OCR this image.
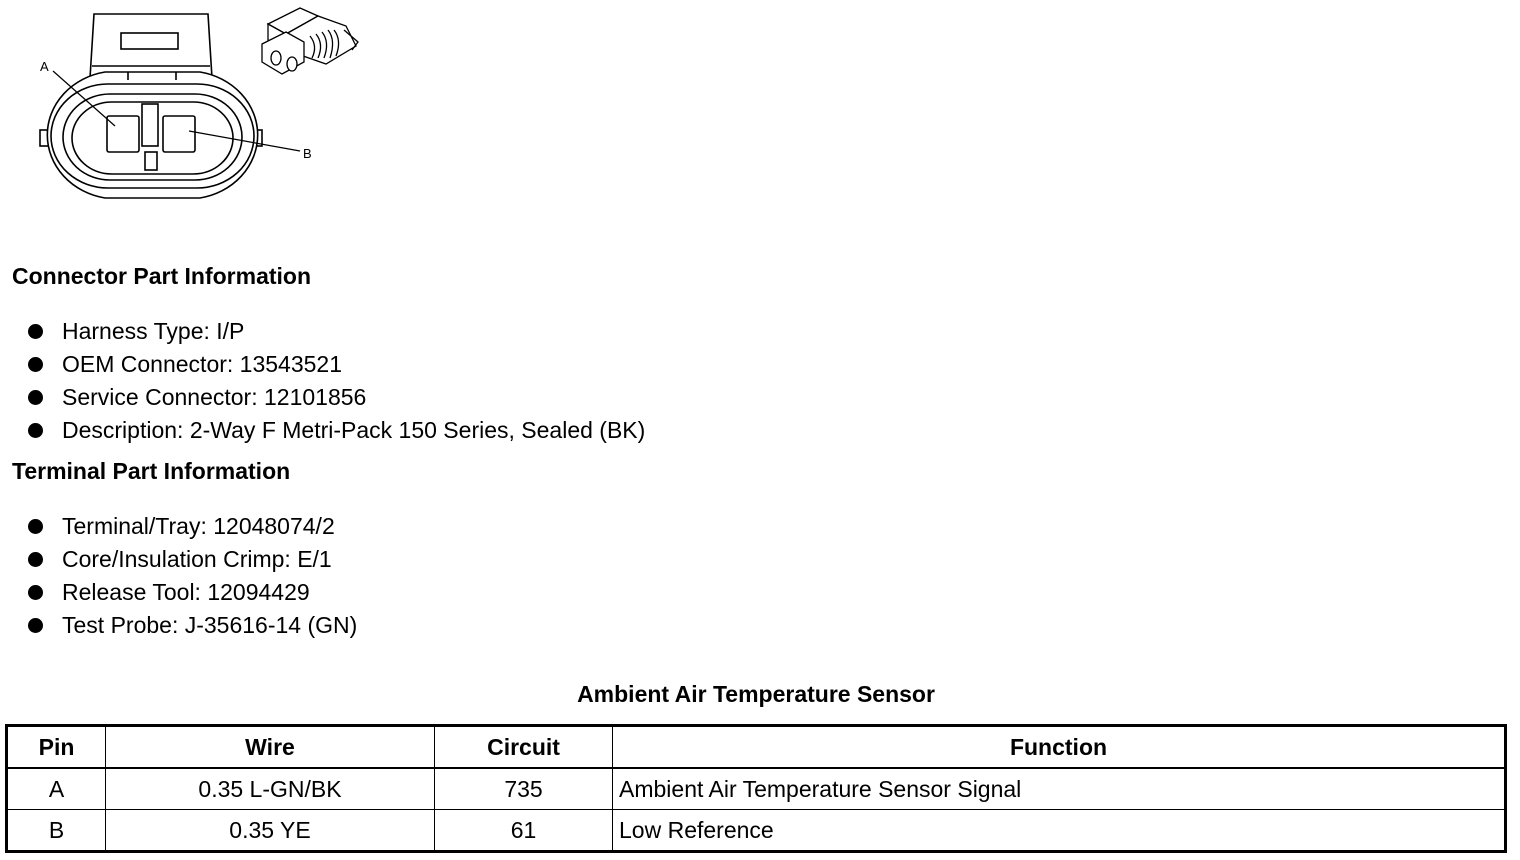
A
B
Connector Part Information
Harness Type: I/P
OEM Connector: 13543521
Service Connector: 12101856
Description: 2-Way F Metri-Pack 150 Series, Sealed (BK)
Terminal Part Information
Terminal/Tray: 12048074/2
Core/Insulation Crimp: E/1
Release Tool: 12094429
Test Probe: J-35616-14 (GN)
Ambient Air Temperature Sensor
Pin	Wire	Circuit	Function
A	0.35 L-GN/BK	735	Ambient Air Temperature Sensor Signal
B	0.35 YE	61	Low Reference
